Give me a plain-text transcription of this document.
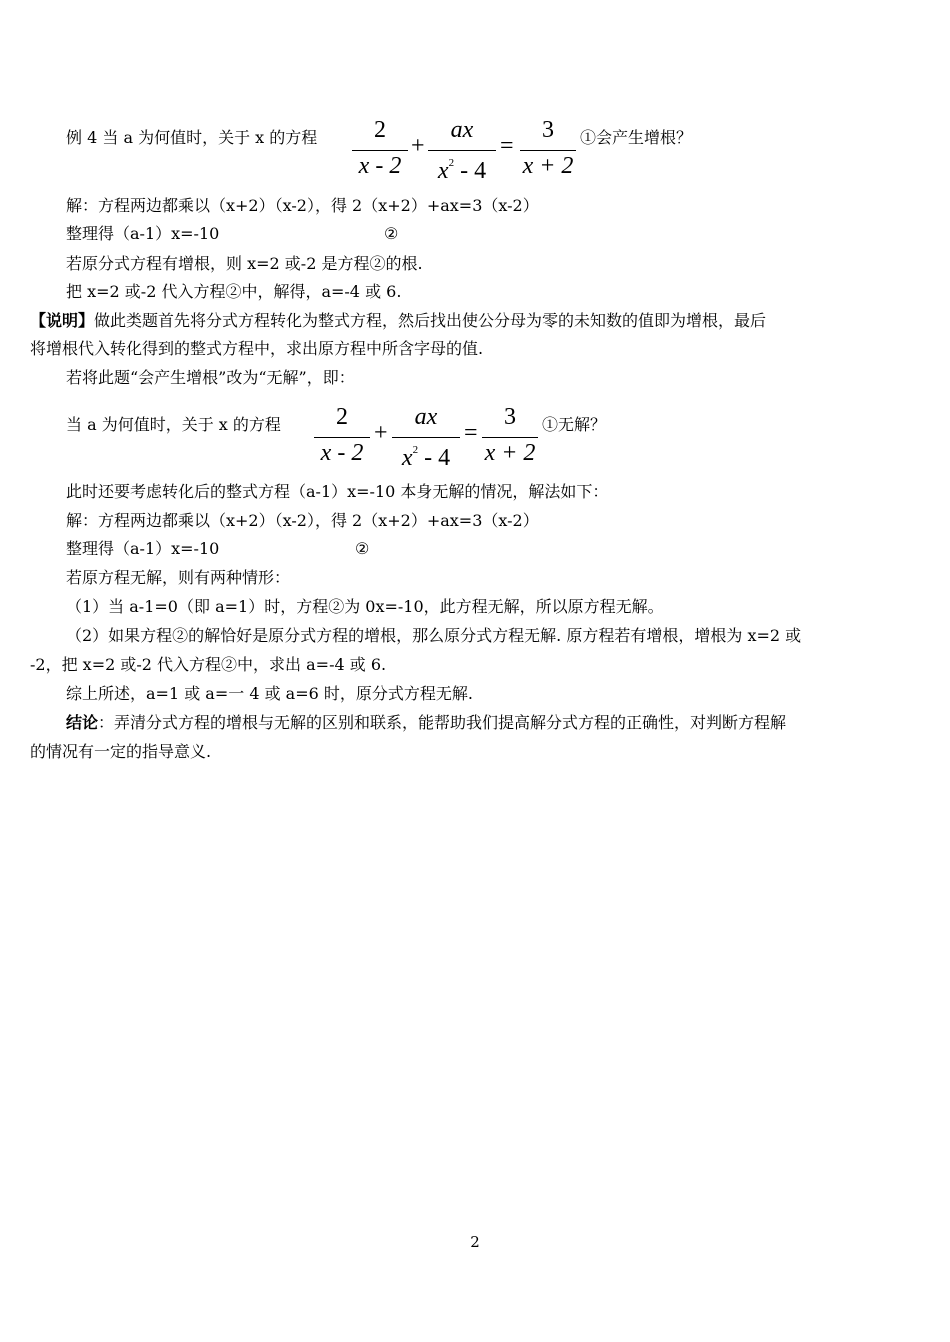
例 4 当 a 为何值时，关于 x 的方程	2
x - 2
+
ax
$x^2 - 4$
=
3
x + 2
①会产生增根？
解：方程两边都乘以（x+2）（x-2），得 2（x+2）+ax=3（x-2）
整理得（a-1）x=-10	②
若原分式方程有增根，则 x=2 或-2 是方程②的根.
把 x=2 或-2 代入方程②中，解得，a=-4 或 6.
【说明】做此类题首先将分式方程转化为整式方程，然后找出使公分母为零的未知数的值即为增根，最后
将增根代入转化得到的整式方程中，求出原方程中所含字母的值.
若将此题“会产生增根”改为“无解”，即：
当 a 为何值时，关于 x 的方程	2
x - 2
+
ax
$x^2 - 4$
=
3
x + 2
①无解？
此时还要考虑转化后的整式方程（a-1）x=-10 本身无解的情况，解法如下：
解：方程两边都乘以（x+2）（x-2），得 2（x+2）+ax=3（x-2）
整理得（a-1）x=-10	②
若原方程无解，则有两种情形：
（1）当 a-1=0（即 a=1）时，方程②为 0x=-10，此方程无解，所以原方程无解。
（2）如果方程②的解恰好是原分式方程的增根，那么原分式方程无解. 原方程若有增根，增根为 x=2 或
-2，把 x=2 或-2 代入方程②中，求出 a=-4 或 6.
综上所述，a=1 或 a=一 4 或 a=6 时，原分式方程无解.
结论：弄清分式方程的增根与无解的区别和联系，能帮助我们提高解分式方程的正确性，对判断方程解
的情况有一定的指导意义.
2
